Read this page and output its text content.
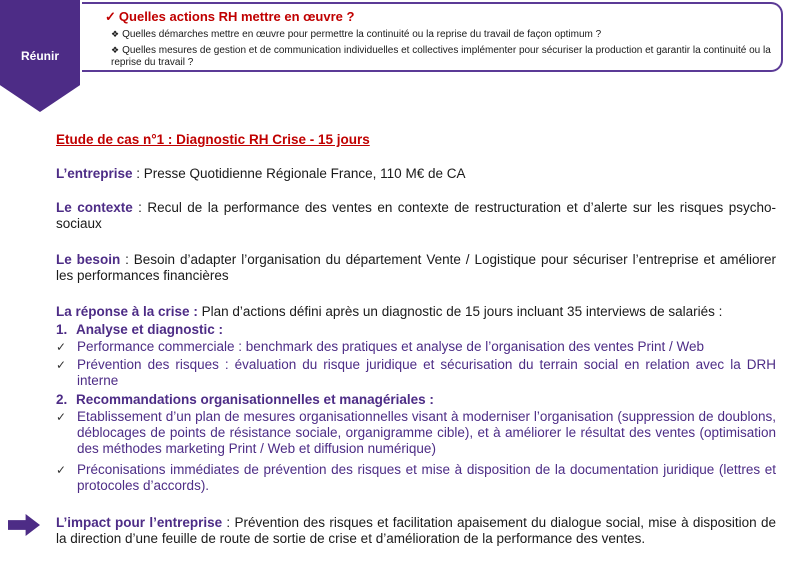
Réunir
✓ Quelles actions RH mettre en œuvre ?
❖ Quelles démarches mettre en œuvre pour permettre la continuité ou la reprise du travail de façon optimum ?
❖ Quelles mesures de gestion et de communication individuelles et collectives implémenter pour sécuriser la production et garantir la continuité ou la reprise du travail ?
Etude de cas n°1 : Diagnostic RH Crise - 15 jours
L’entreprise : Presse Quotidienne Régionale France, 110 M€ de CA
Le contexte : Recul de la performance des ventes en contexte de restructuration et d’alerte sur les risques psycho-sociaux
Le besoin : Besoin d’adapter l’organisation du département Vente / Logistique pour sécuriser l’entreprise et améliorer les performances financières
La réponse à la crise : Plan d’actions défini après un diagnostic de 15 jours incluant 35 interviews de salariés :
1. Analyse et diagnostic :
✓ Performance commerciale : benchmark des pratiques et analyse de l’organisation des ventes Print / Web
✓ Prévention des risques : évaluation du risque juridique et sécurisation du terrain social en relation avec la DRH interne
2. Recommandations organisationnelles et managériales :
✓ Etablissement d’un plan de mesures organisationnelles visant à moderniser l’organisation (suppression de doublons, déblocages de points de résistance sociale, organigramme cible), et à améliorer le résultat des ventes (optimisation des méthodes marketing Print / Web et diffusion numérique)
✓ Préconisations immédiates de prévention des risques et mise à disposition de la documentation juridique (lettres et protocoles d’accords).
L’impact pour l’entreprise : Prévention des risques et facilitation apaisement du dialogue social, mise à disposition de la direction d’une feuille de route de sortie de crise et d’amélioration de la performance des ventes.
